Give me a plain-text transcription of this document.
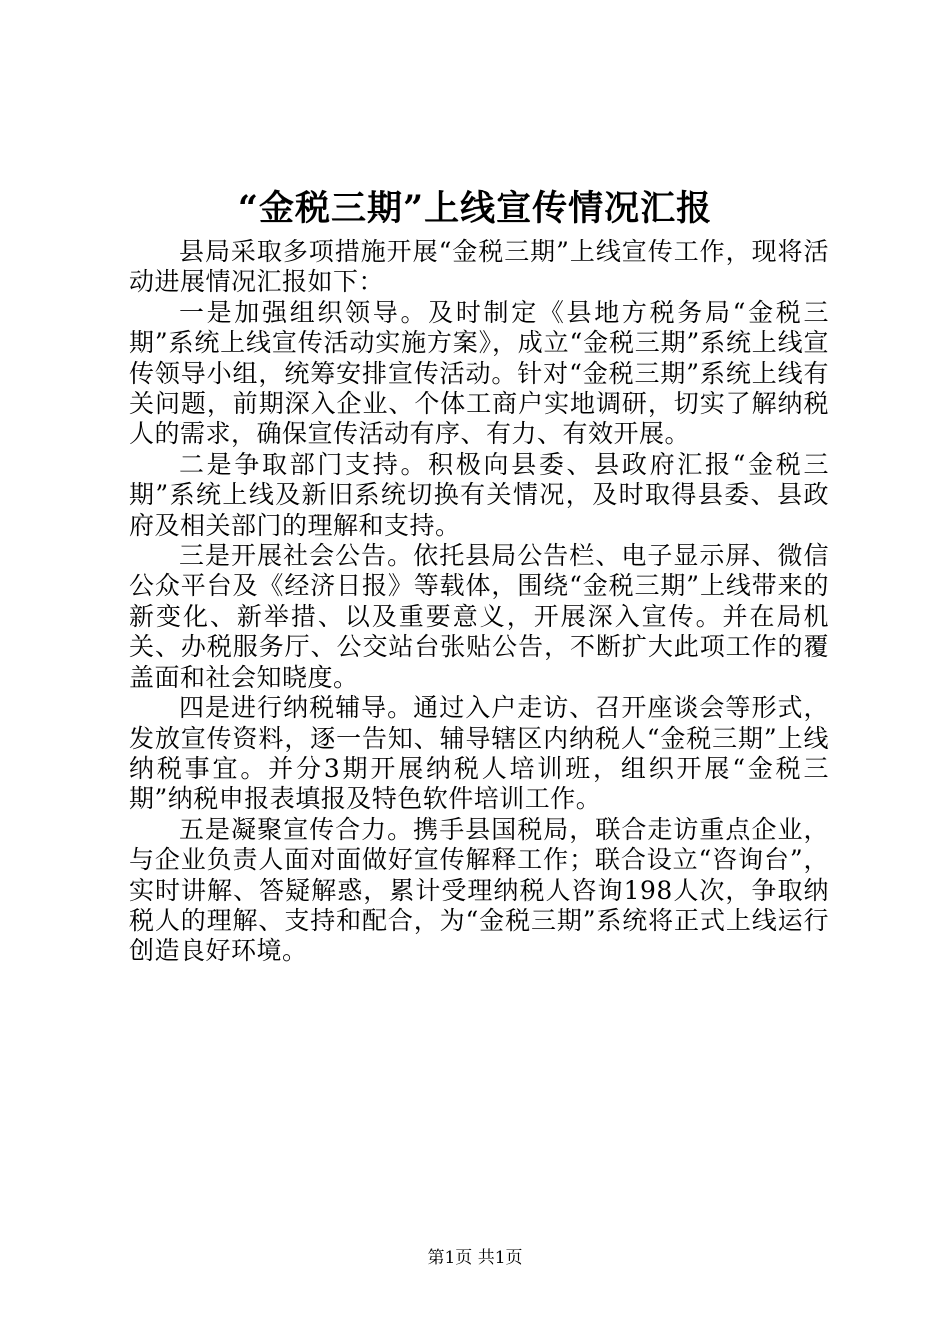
“金税三期”上线宣传情况汇报

县局采取多项措施开展“金税三期”上线宣传工作，现将活动进展情况汇报如下：

一是加强组织领导。及时制定《县地方税务局“金税三期”系统上线宣传活动实施方案》，成立“金税三期”系统上线宣传领导小组，统筹安排宣传活动。针对“金税三期”系统上线有关问题，前期深入企业、个体工商户实地调研，切实了解纳税人的需求，确保宣传活动有序、有力、有效开展。

二是争取部门支持。积极向县委、县政府汇报“金税三期”系统上线及新旧系统切换有关情况，及时取得县委、县政府及相关部门的理解和支持。

三是开展社会公告。依托县局公告栏、电子显示屏、微信公众平台及《经济日报》等载体，围绕“金税三期”上线带来的新变化、新举措、以及重要意义，开展深入宣传。并在局机关、办税服务厅、公交站台张贴公告，不断扩大此项工作的覆盖面和社会知晓度。

四是进行纳税辅导。通过入户走访、召开座谈会等形式，发放宣传资料，逐一告知、辅导辖区内纳税人“金税三期”上线纳税事宜。并分3期开展纳税人培训班，组织开展“金税三期”纳税申报表填报及特色软件培训工作。

五是凝聚宣传合力。携手县国税局，联合走访重点企业，与企业负责人面对面做好宣传解释工作；联合设立“咨询台”，实时讲解、答疑解惑，累计受理纳税人咨询198人次，争取纳税人的理解、支持和配合，为“金税三期”系统将正式上线运行创造良好环境。

第1页 共1页
